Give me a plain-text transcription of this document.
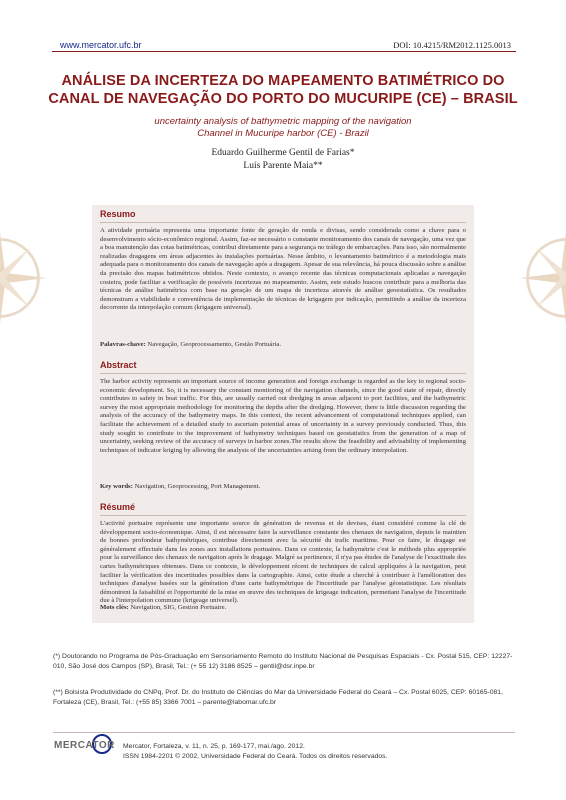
www.mercator.ufc.br	DOI: 10.4215/RM2012.1125.0013
ANÁLISE DA INCERTEZA DO MAPEAMENTO BATIMÉTRICO DO
CANAL DE NAVEGAÇÃO DO PORTO DO MUCURIPE (CE) – BRASIL
uncertainty analysis of bathymetric mapping of the navigation
Channel in Mucuripe harbor (CE) - Brazil
Eduardo Guilherme Gentil de Farias*
Luís Parente Maia**
Resumo
A atividade portuária representa uma importante fonte de geração de renda e divisas, sendo considerada como a chave para o desenvolvimento sócio-econômico regional. Assim, faz-se necessário o constante monitoramento dos canais de navegação, uma vez que a boa manutenção das cotas batimétricas, contribui diretamente para a segurança no tráfego de embarcações. Para isso, são normalmente realizadas dragagens em áreas adjacentes às instalações portuárias. Nesse âmbito, o levantamento batimétrico é a metodologia mais adequada para o monitoramento dos canais de navegação após a dragagem. Apesar de sua relevância, há pouca discussão sobre a análise da precisão dos mapas batimétricos obtidos. Neste contexto, o avanço recente das técnicas computacionais aplicadas a navegação costeira, pode facilitar a verificação de possíveis incertezas no mapeamento. Assim, este estudo buscou contribuir para a melhoria das técnicas de análise batimétrica com base na geração de um mapa de incerteza através de análise geoestatística. Os resultados demonstram a viabilidade e conveniência de implementação de técnicas de krigagem por indicação, permitindo a análise da incerteza decorrente da interpolação comum (krigagem universal).
Palavras-chave: Navegação, Geoprocessamento, Gestão Portuária.
Abstract
The harbor activity represents an important source of income generation and foreign exchange is regarded as the key to regional socio-economic development. So, it is necessary the constant monitoring of the navigation channels, since the good state of repair, directly contributes to safety in boat traffic. For this, are usually carried out dredging in areas adjacent to port facilities, and the bathymetric survey the most appropriate methodology for monitoring the depths after the dredging. However, there is little discussion regarding the analysis of the accuracy of the bathymetry maps. In this context, the recent advancement of computational techniques applied, can facilitate the achievement of a detailed study to ascertain potential areas of uncertainty in a survey previously conducted. Thus, this study sought to contribute to the improvement of bathymetry techniques based on geostatistics from the generation of a map of uncertainty, seeking review of the accuracy of surveys in harbor zones.The results show the feasibility and advisability of implementing techniques of indicator kriging by allowing the analysis of the uncertainties arising from the ordinary interpolation.
Key words: Navigation, Geoprocessing, Port Management.
Résumé
L'activité portuaire représente une importante source de génération de revenus et de devises, étant considéré comme la clé de développement socio-économique. Ainsi, il est nécessaire faire la surveillance constante des chenaux de navigation, depuis le maintien de bonnes profondeur bathymétriques, contribue directement avec la sécurité du trafic maritime. Pour ce faire, le dragage est généralement effectuée dans les zones aux installations portuaires. Dans ce contexte, la bathymétrie c'est le méthode plus appropriée pour la surveillance des chenaux de navigation après le dragage. Malgré sa pertinence, il n'ya pas études de l'analyse de l'exactitude des cartes bathymétriques obtenues. Dans ce contexte, le développement récent de techniques de calcul appliquées à la navigation, peut faciliter la vérification des incertitudes possibles dans la cartographie. Ainsi, cette étude a cherché à contribuer à l'amélioration des techniques d'analyse basées sur la génération d'une carte bathymétrique de l'incertitude par l'analyse géostatistique. Les résultats démontrent la faisabilité et l'opportunité de la mise en œuvre des techniques de krigeage indication, permettant l'analyse de l'incertitude due à l'interpolation commune (krigeage universel).
Mots clés: Navigation, SIG, Gestion Portuaire.
(*) Doutorando no Programa de Pós-Graduação em Sensoriamento Remoto do Instituto Nacional de Pesquisas Espaciais - Cx. Postal 515, CEP: 12227-010, São José dos Campos (SP), Brasil, Tel.: (+ 55 12) 3186 8525 – gentil@dsr.inpe.br
(**) Bolsista Produtividade do CNPq, Prof. Dr. do Instituto de Ciências do Mar da Universidade Federal do Ceará – Cx. Postal 6025, CEP: 60165-081, Fortaleza (CE), Brasil, Tel.: (+55 85) 3366 7001 – parente@labomar.ufc.br
MERCATOR Mercator, Fortaleza, v. 11, n. 25, p. 169-177, mai./ago. 2012.
ISSN 1984-2201 © 2002, Universidade Federal do Ceará. Todos os direitos reservados.
